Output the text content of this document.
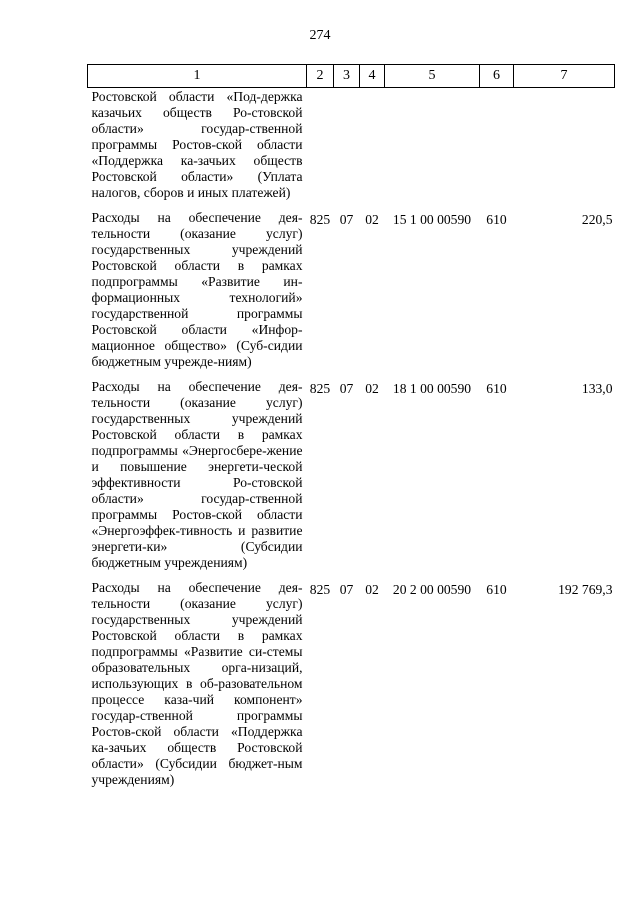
274
1	2	3	4	5	6	7
Ростовской области «Под-держка казачьих обществ Ро-стовской области» государ-ственной программы Ростов-ской области «Поддержка ка-зачьих обществ Ростовской области» (Уплата налогов, сборов и иных платежей)						
Расходы на обеспечение дея-тельности (оказание услуг) государственных учреждений Ростовской области в рамках подпрограммы «Развитие ин-формационных технологий» государственной программы Ростовской области «Инфор-мационное общество» (Суб-сидии бюджетным учрежде-ниям)	825	07	02	15 1 00 00590	610	220,5
Расходы на обеспечение дея-тельности (оказание услуг) государственных учреждений Ростовской области в рамках подпрограммы «Энергосбере-жение и повышение энергети-ческой эффективности Ро-стовской области» государ-ственной программы Ростов-ской области «Энергоэффек-тивность и развитие энергети-ки» (Субсидии бюджетным учреждениям)	825	07	02	18 1 00 00590	610	133,0
Расходы на обеспечение дея-тельности (оказание услуг) государственных учреждений Ростовской области в рамках подпрограммы «Развитие си-стемы образовательных орга-низаций, использующих в об-разовательном процессе каза-чий компонент» государ-ственной программы Ростов-ской области «Поддержка ка-зачьих обществ Ростовской области» (Субсидии бюджет-ным учреждениям)	825	07	02	20 2 00 00590	610	192 769,3
